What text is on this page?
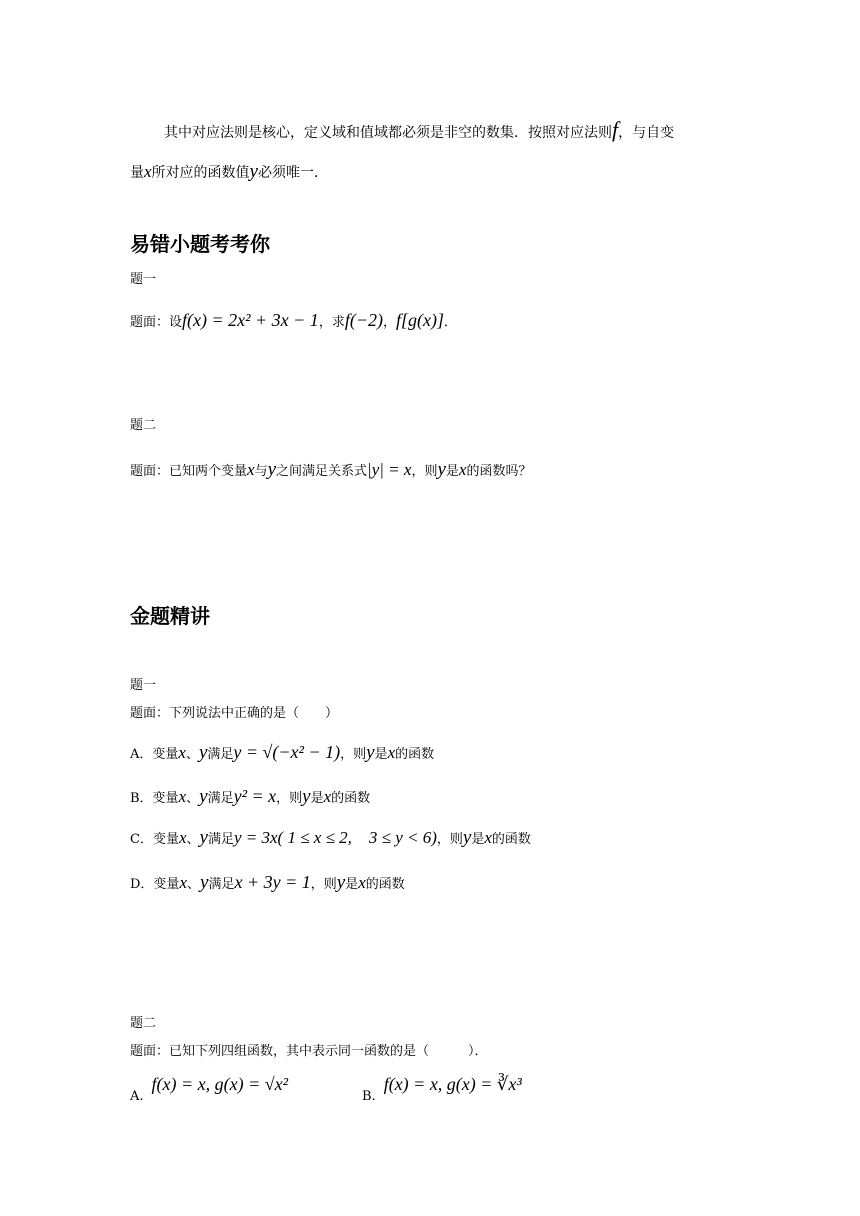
其中对应法则是核心，定义域和值域都必须是非空的数集．按照对应法则f，与自变
量x所对应的函数值y必须唯一．
易错小题考考你
题一
题面：设f(x) = 2x² + 3x − 1，求f(−2)，f[g(x)]．
题二
题面：已知两个变量x与y之间满足关系式|y| = x，则y是x的函数吗？
金题精讲
题一
题面：下列说法中正确的是（　　）
A．变量x、y满足y = √(−x² − 1)，则y是x的函数
B．变量x、y满足y² = x，则y是x的函数
C．变量x、y满足y = 3x( 1 ≤ x ≤ 2,　3 ≤ y < 6)，则y是x的函数
D．变量x、y满足x + 3y = 1，则y是x的函数
题二
题面：已知下列四组函数，其中表示同一函数的是（　　　）．
A.f(x) = x, g(x) = √x²
B.f(x) = x, g(x) = ∛x³
